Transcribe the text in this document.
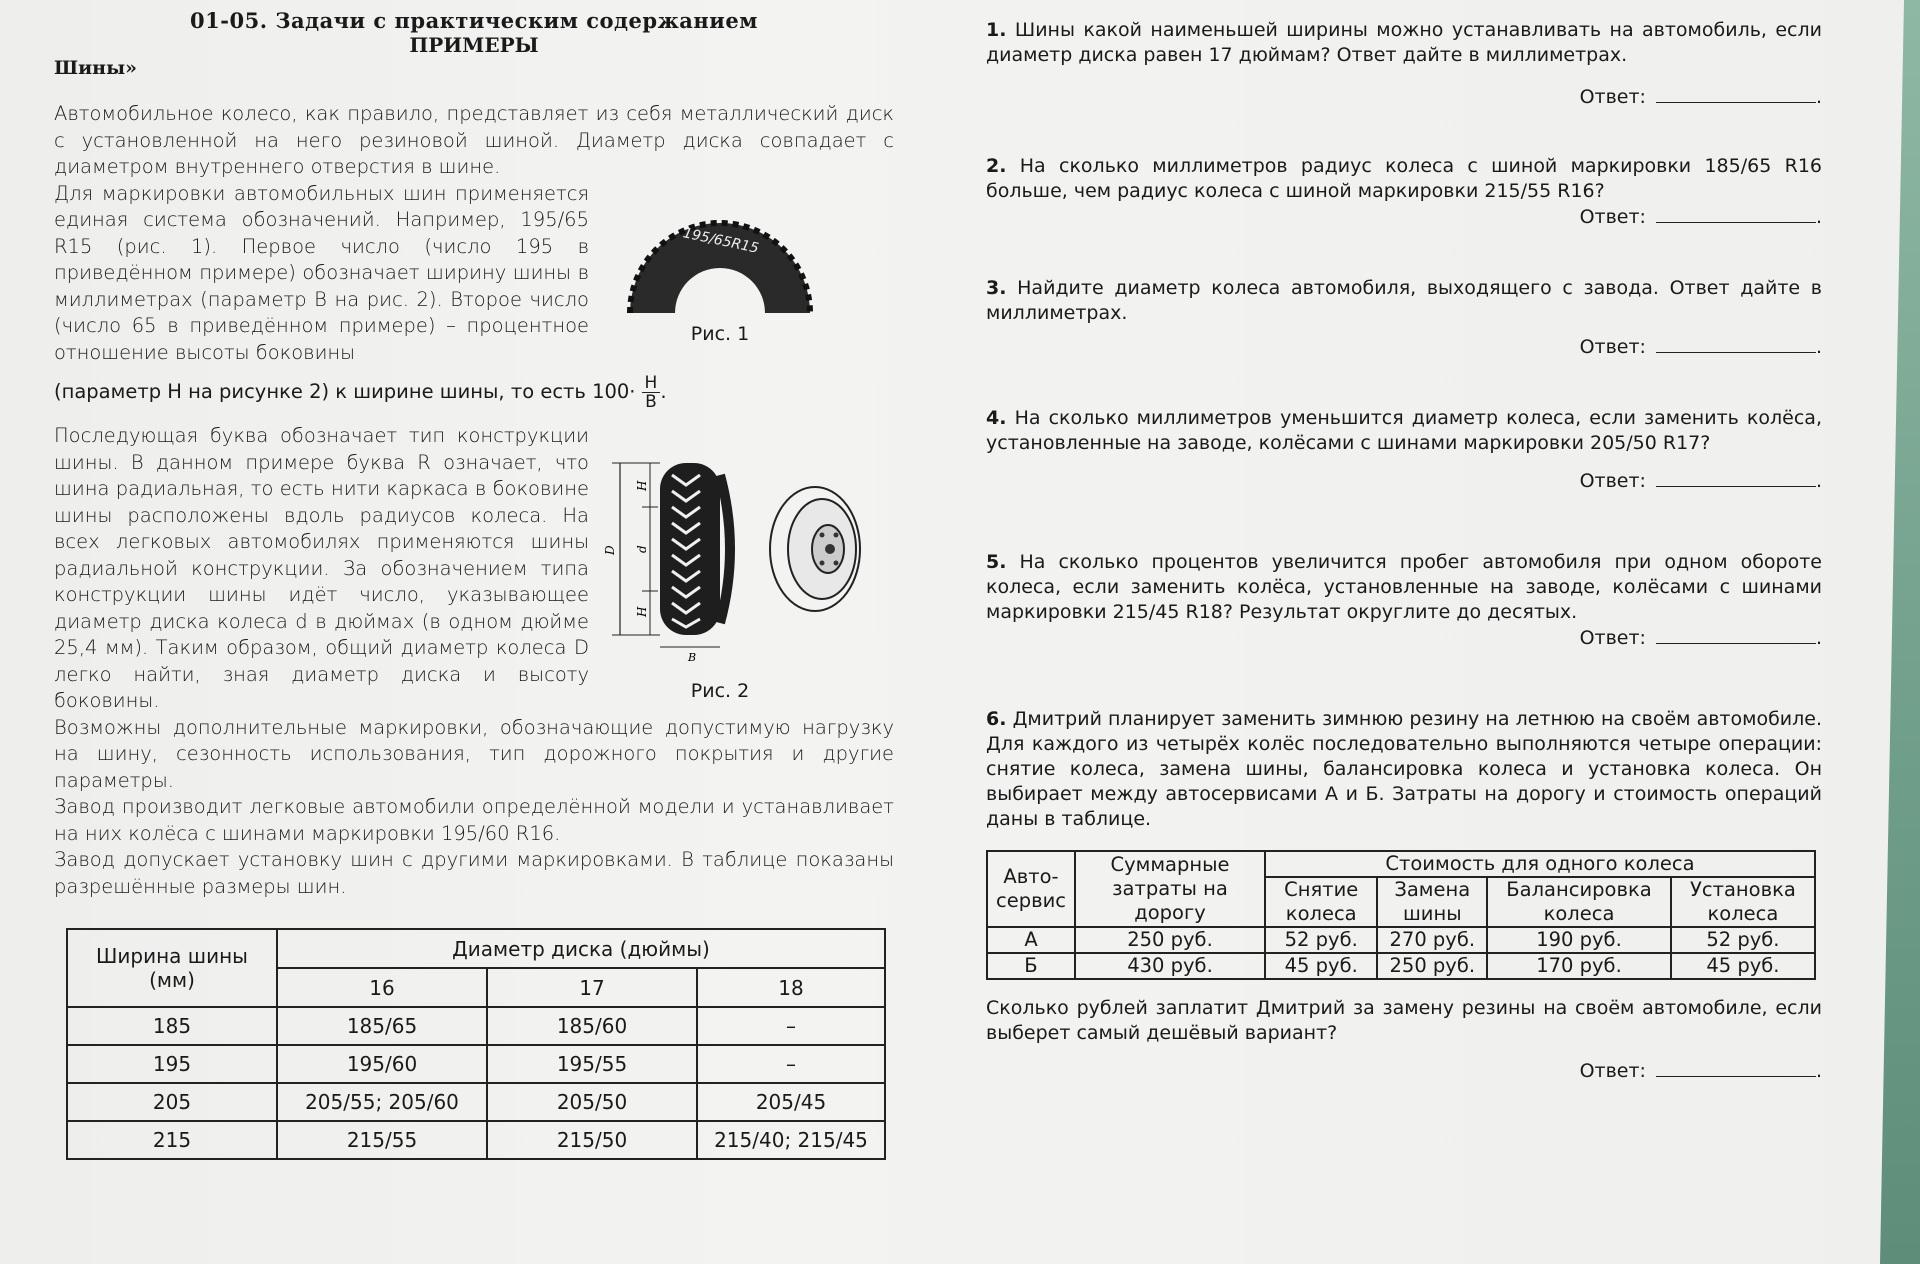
01-05. Задачи с практическим содержанием

ПРИМЕРЫ

Шины»

Автомобильное колесо, как правило, представляет из себя металлический диск с установленной на него резиновой шиной. Диаметр диска совпадает с диаметром внутреннего отверстия в шине.

Для маркировки автомобильных шин применяется единая система обозначений. Например, 195/65 R15 (рис. 1). Первое число (число 195 в приведённом примере) обозначает ширину шины в миллиметрах (параметр B на рис. 2). Второе число (число 65 в приведённом примере) – процентное отношение высоты боковины

(параметр H на рисунке 2) к ширине шины, то есть $100\cdot \frac{H}{B}$ .

Последующая буква обозначает тип конструкции шины. В данном примере буква R означает, что шина радиальная, то есть нити каркаса в боковине шины расположены вдоль радиусов колеса. На всех легковых автомобилях применяются шины радиальной конструкции. За обозначением типа конструкции шины идёт число, указывающее диаметр диска колеса d в дюймах (в одном дюйме 25,4 мм). Таким образом, общий диаметр колеса D легко найти, зная диаметр диска и высоту боковины.

Возможны дополнительные маркировки, обозначающие допустимую нагрузку на шину, сезонность использования, тип дорожного покрытия и другие параметры.

Завод производит легковые автомобили определённой модели и устанавливает на них колёса с шинами маркировки 195/60 R16.

Завод допускает установку шин с другими маркировками. В таблице показаны разрешённые размеры шин.

195/65R15
Рис. 1
D
H
d
H
B
Рис. 2
Ширина шины (мм)	Диаметр диска (дюймы)		
	16	17	18
185	185/65	185/60	–
195	195/60	195/55	–
205	205/55; 205/60	205/50	205/45
215	215/55	215/50	215/40; 215/45

1. Шины какой наименьшей ширины можно устанавливать на автомобиль, если диаметр диска равен 17 дюймам? Ответ дайте в миллиметрах.

Ответ:	.

2. На сколько миллиметров радиус колеса с шиной маркировки 185/65 R16 больше, чем радиус колеса с шиной маркировки 215/55 R16?

Ответ:	.

3. Найдите диаметр колеса автомобиля, выходящего с завода. Ответ дайте в миллиметрах.

Ответ:	.

4. На сколько миллиметров уменьшится диаметр колеса, если заменить колёса, установленные на заводе, колёсами с шинами маркировки 205/50 R17?

Ответ:	.

5. На сколько процентов увеличится пробег автомобиля при одном обороте колеса, если заменить колёса, установленные на заводе, колёсами с шинами маркировки 215/45 R18? Результат округлите до десятых.

Ответ:	.

6. Дмитрий планирует заменить зимнюю резину на летнюю на своём автомобиле. Для каждого из четырёх колёс последовательно выполняются четыре операции: снятие колеса, замена шины, балансировка колеса и установка колеса. Он выбирает между автосервисами А и Б. Затраты на дорогу и стоимость операций даны в таблице.

Авто-сервис	Суммарные затраты на дорогу	Стоимость для одного колеса			
		Снятие колеса	Замена шины	Балансировка колеса	Установка колеса
А	250 руб.	52 руб.	270 руб.	190 руб.	52 руб.
Б	430 руб.	45 руб.	250 руб.	170 руб.	45 руб.

Сколько рублей заплатит Дмитрий за замену резины на своём автомобиле, если выберет самый дешёвый вариант?

Ответ:	.
